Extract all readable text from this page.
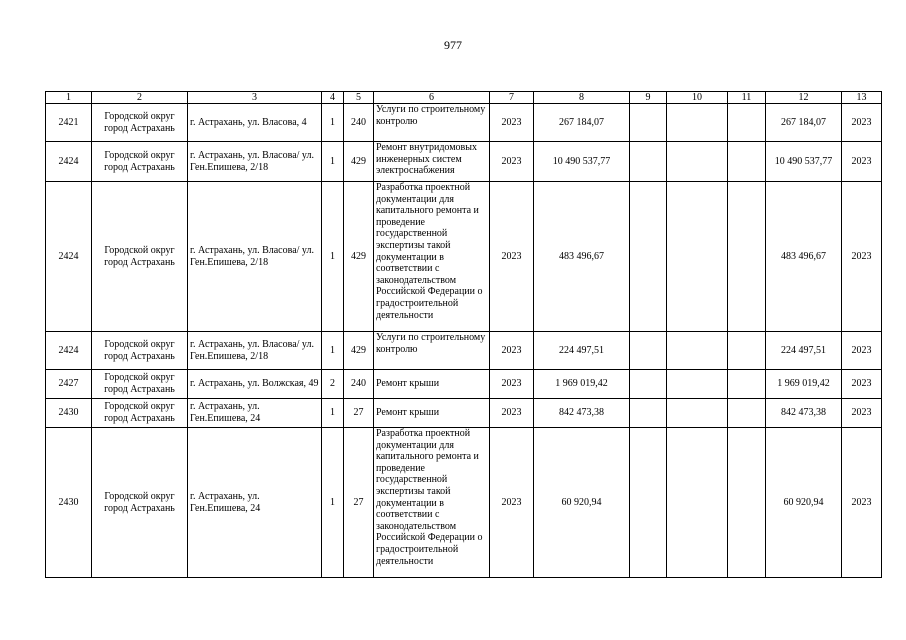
977
1	2	3	4	5	6	7	8	9	10	11	12	13
2421	Городской округ город Астрахань	г. Астрахань, ул. Власова, 4	1	240	Услуги по строительному контролю	2023	267 184,07				267 184,07	2023
2424	Городской округ город Астрахань	г. Астрахань, ул. Власова/ ул. Ген.Епишева, 2/18	1	429	Ремонт внутридомовых инженерных систем электроснабжения	2023	10 490 537,77				10 490 537,77	2023
2424	Городской округ город Астрахань	г. Астрахань, ул. Власова/ ул. Ген.Епишева, 2/18	1	429	Разработка проектной документации для капитального ремонта и проведение государственной экспертизы такой документации в соответствии с законодательством Российской Федерации о градостроительной деятельности	2023	483 496,67				483 496,67	2023
2424	Городской округ город Астрахань	г. Астрахань, ул. Власова/ ул. Ген.Епишева, 2/18	1	429	Услуги по строительному контролю	2023	224 497,51				224 497,51	2023
2427	Городской округ город Астрахань	г. Астрахань, ул. Волжская, 49	2	240	Ремонт крыши	2023	1 969 019,42				1 969 019,42	2023
2430	Городской округ город Астрахань	г. Астрахань, ул. Ген.Епишева, 24	1	27	Ремонт крыши	2023	842 473,38				842 473,38	2023
2430	Городской округ город Астрахань	г. Астрахань, ул. Ген.Епишева, 24	1	27	Разработка проектной документации для капитального ремонта и проведение государственной экспертизы такой документации в соответствии с законодательством Российской Федерации о градостроительной деятельности	2023	60 920,94				60 920,94	2023
